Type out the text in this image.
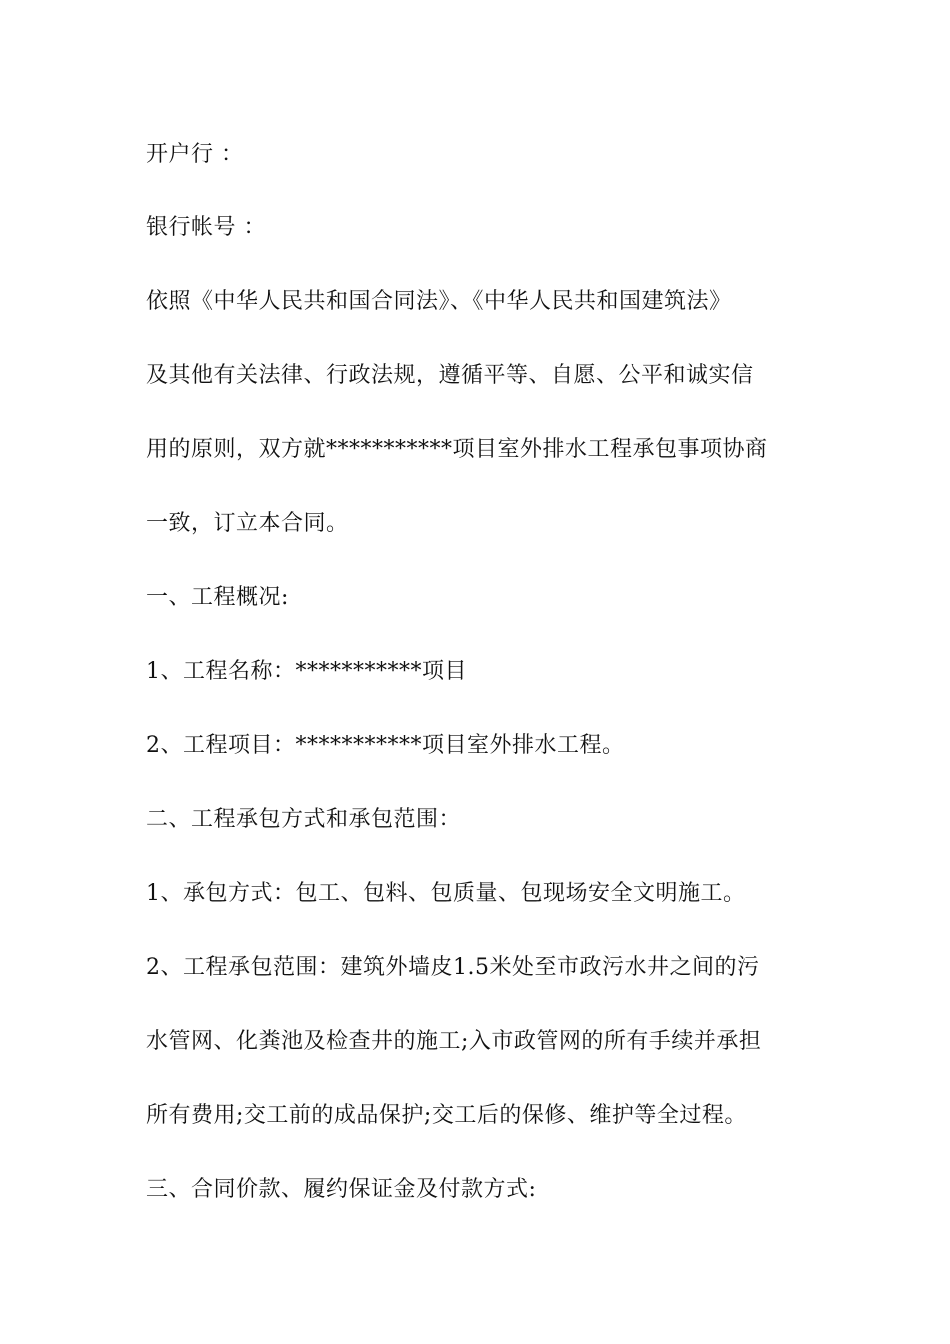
开户行 ：
银行帐号 ：
依照《中华人民共和国合同法》、《中华人民共和国建筑法》
及其他有关法律、行政法规，遵循平等、自愿、公平和诚实信
用的原则，双方就***********项目室外排水工程承包事项协商
一致，订立本合同。
一、工程概况:
1、工程名称：***********项目
2、工程项目：***********项目室外排水工程。
二、工程承包方式和承包范围：
1、承包方式：包工、包料、包质量、包现场安全文明施工。
2、工程承包范围：建筑外墙皮1.5米处至市政污水井之间的污
水管网、化粪池及检查井的施工;入市政管网的所有手续并承担
所有费用;交工前的成品保护;交工后的保修、维护等全过程。
三、合同价款、履约保证金及付款方式:
